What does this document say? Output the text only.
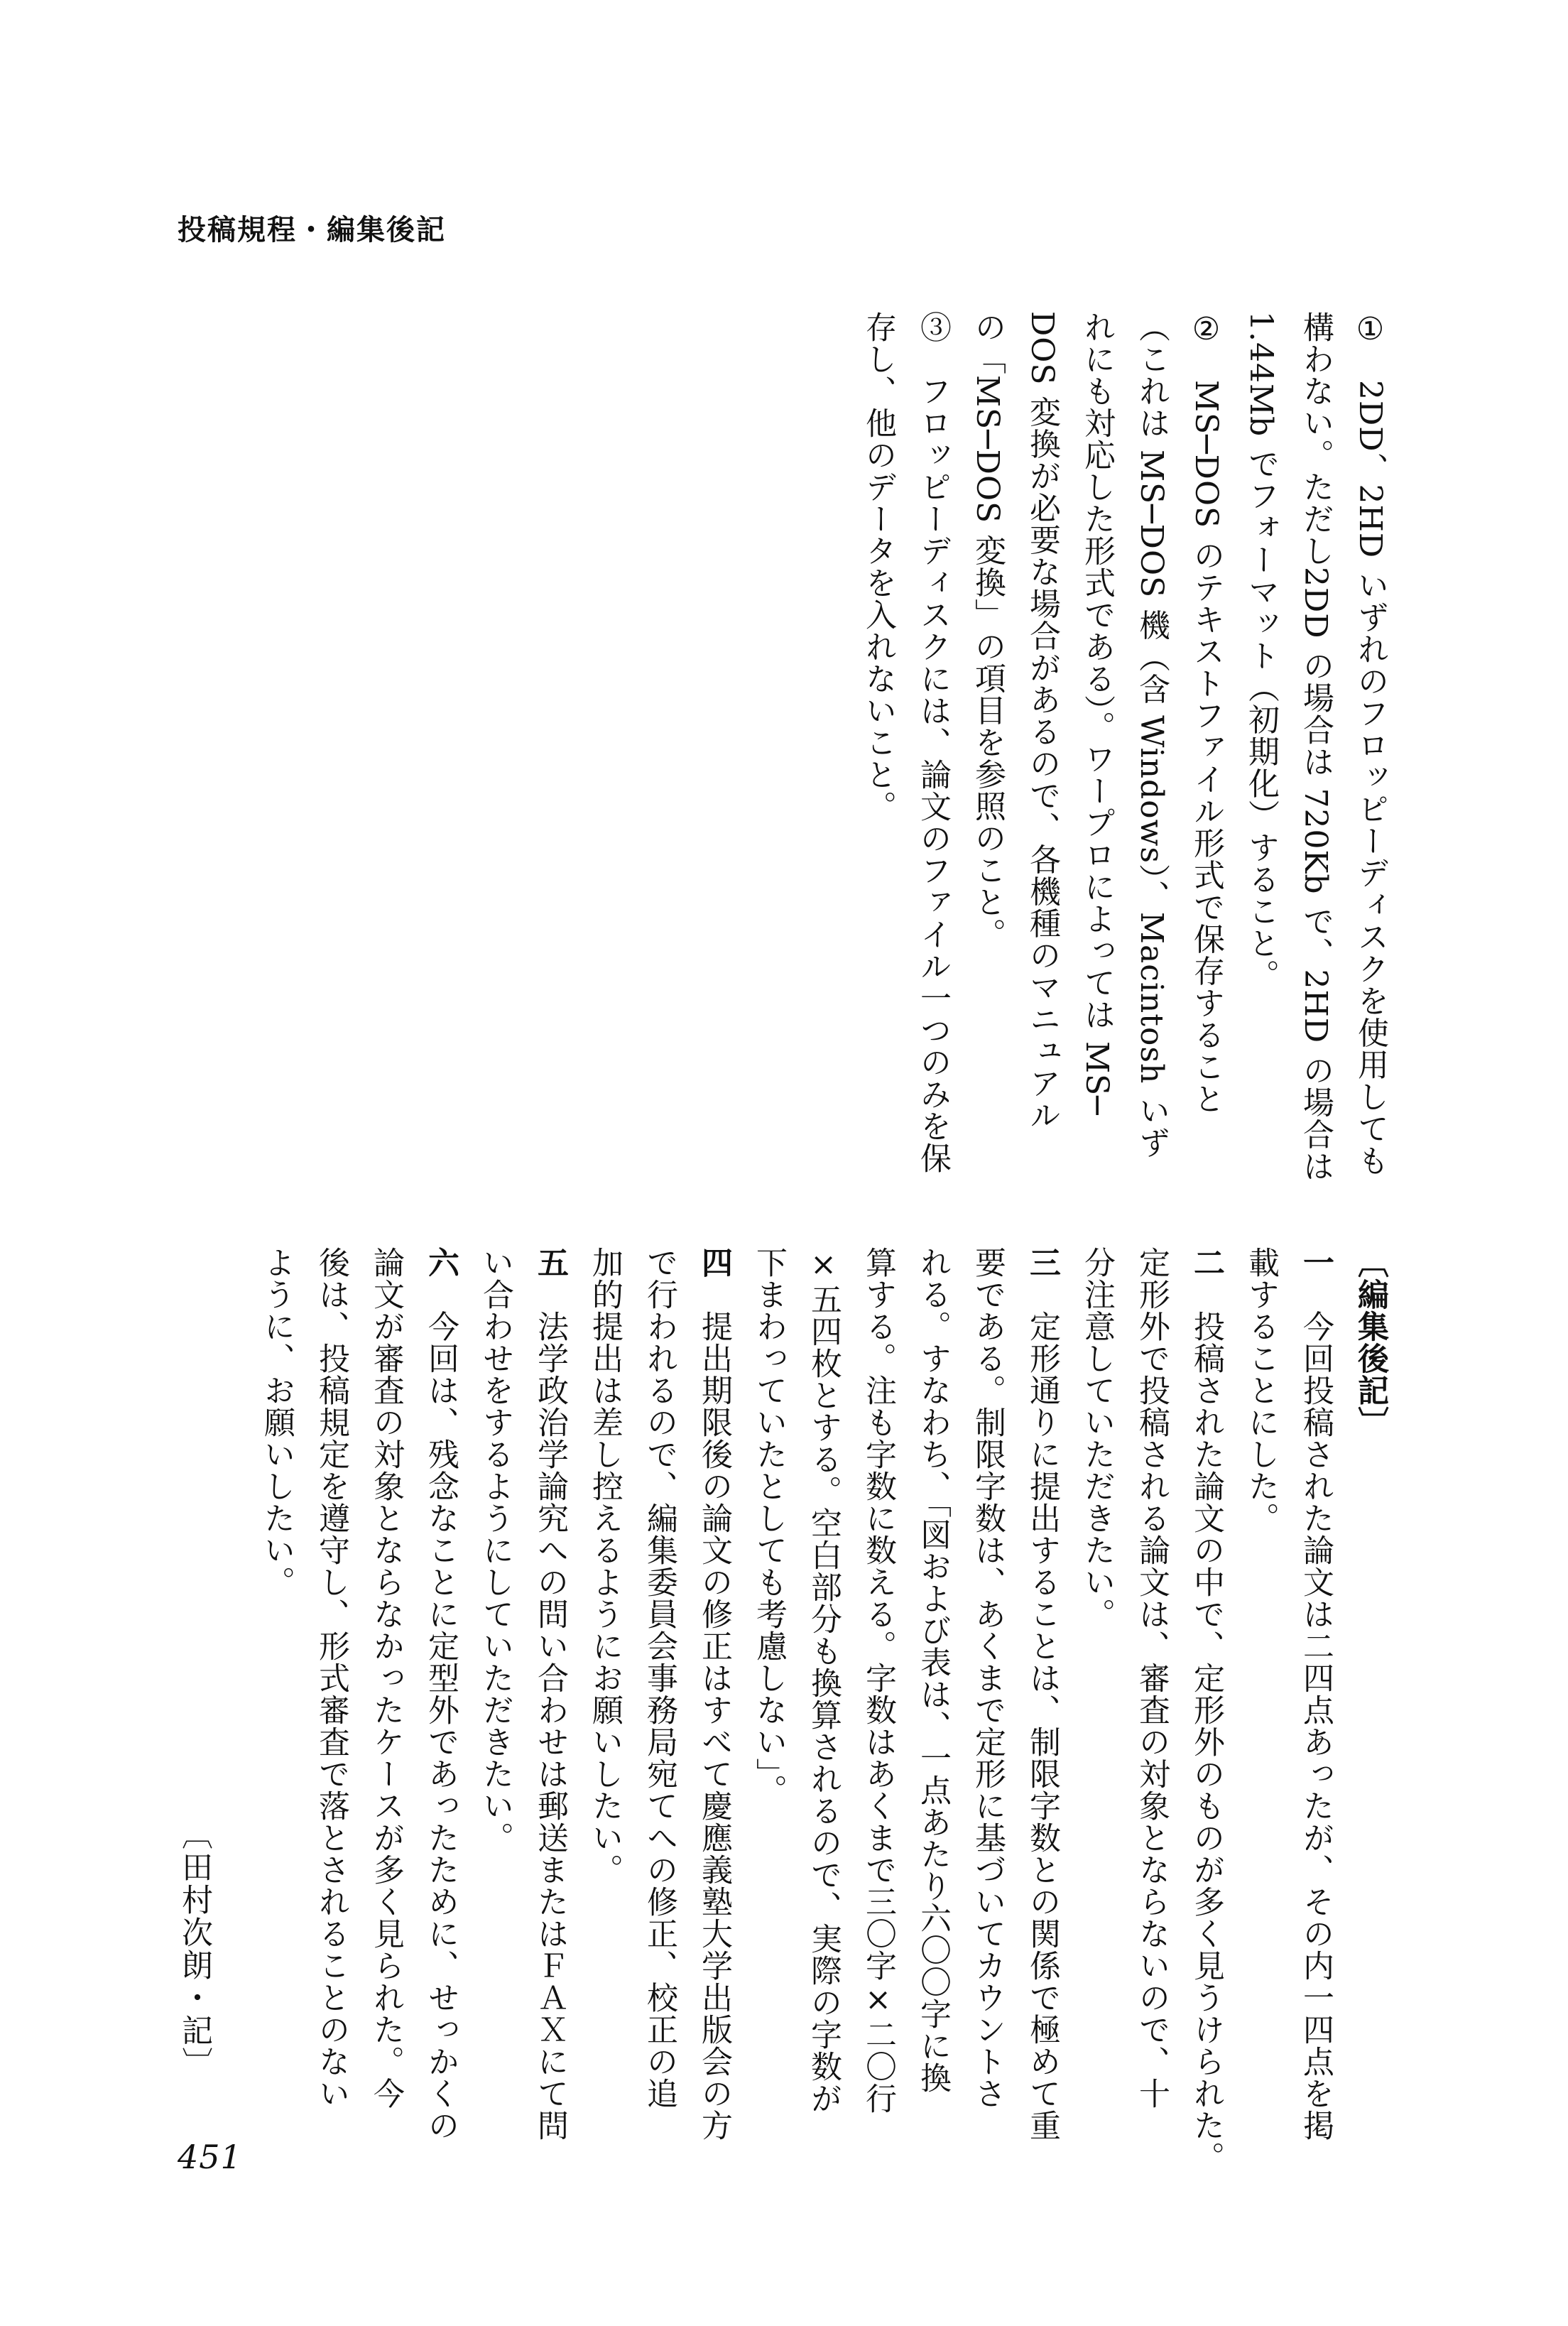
投稿規程・編集後記
①　2DD、2HD いずれのフロッピーディスクを使用しても
構わない。ただし2DD の場合は 720Kb で、2HD の場合は
1.44Mb でフォーマット（初期化）すること。
②　MS─DOS のテキストファイル形式で保存すること
（これは MS─DOS 機（含 Windows）、Macintosh いず
れにも対応した形式である）。ワープロによっては MS─
DOS 変換が必要な場合があるので、各機種のマニュアル
の「MS─DOS 変換」の項目を参照のこと。
③　フロッピーディスクには、論文のファイル一つのみを保
存し、他のデータを入れないこと。
〔編集後記〕
一　今回投稿された論文は二四点あったが、その内一四点を掲
載することにした。
二　投稿された論文の中で、定形外のものが多く見うけられた。
定形外で投稿される論文は、審査の対象とならないので、十
分注意していただきたい。
三　定形通りに提出することは、制限字数との関係で極めて重
要である。制限字数は、あくまで定形に基づいてカウントさ
れる。すなわち、「図および表は、一点あたり六〇〇字に換
算する。注も字数に数える。字数はあくまで三〇字×二〇行
×五四枚とする。空白部分も換算されるので、実際の字数が
下まわっていたとしても考慮しない」。
四　提出期限後の論文の修正はすべて慶應義塾大学出版会の方
で行われるので、編集委員会事務局宛てへの修正、校正の追
加的提出は差し控えるようにお願いしたい。
五　法学政治学論究への問い合わせは郵送またはＦＡＸにて問
い合わせをするようにしていただきたい。
六　今回は、残念なことに定型外であったために、せっかくの
論文が審査の対象とならなかったケースが多く見られた。今
後は、投稿規定を遵守し、形式審査で落とされることのない
ように、お願いしたい。
〔田村次朗・記〕
451
